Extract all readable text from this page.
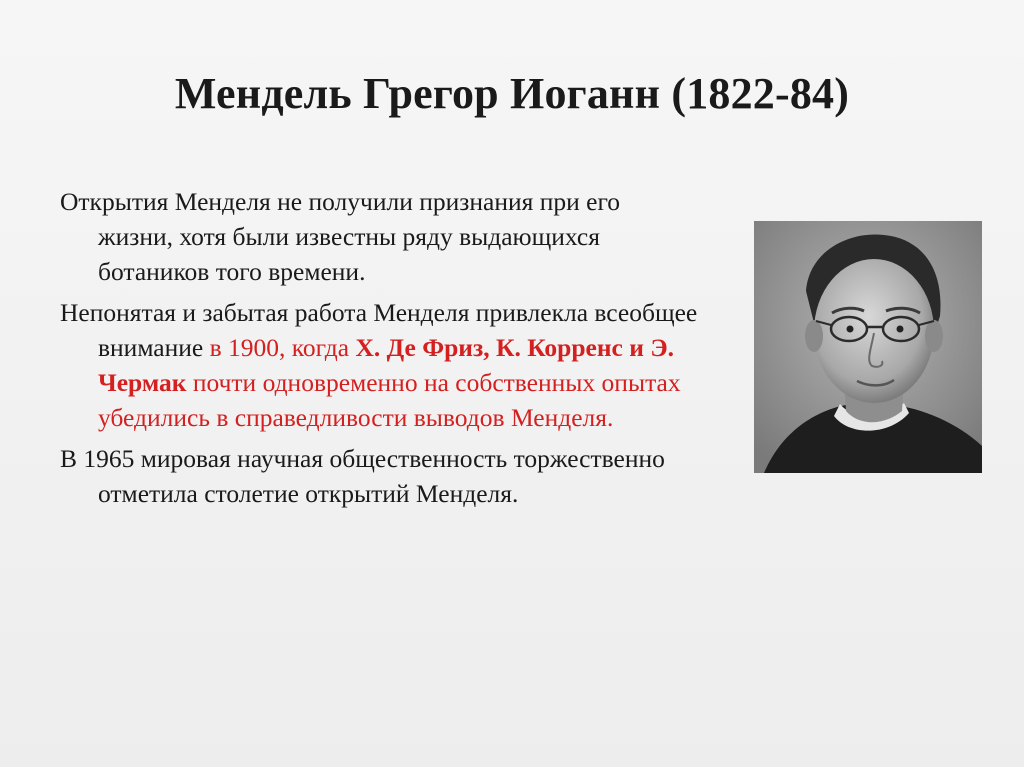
Мендель Грегор Иоганн (1822-84)

Открытия Менделя не получили признания при его жизни, хотя были известны ряду выдающихся ботаников того времени.

Непонятая и забытая работа Менделя привлекла всеобщее внимание в 1900, когда Х. Де Фриз, К. Корренс и Э. Чермак почти одновременно на собственных опытах убедились в справедливости выводов Менделя.

В 1965 мировая научная общественность торжественно отметила столетие открытий Менделя.
